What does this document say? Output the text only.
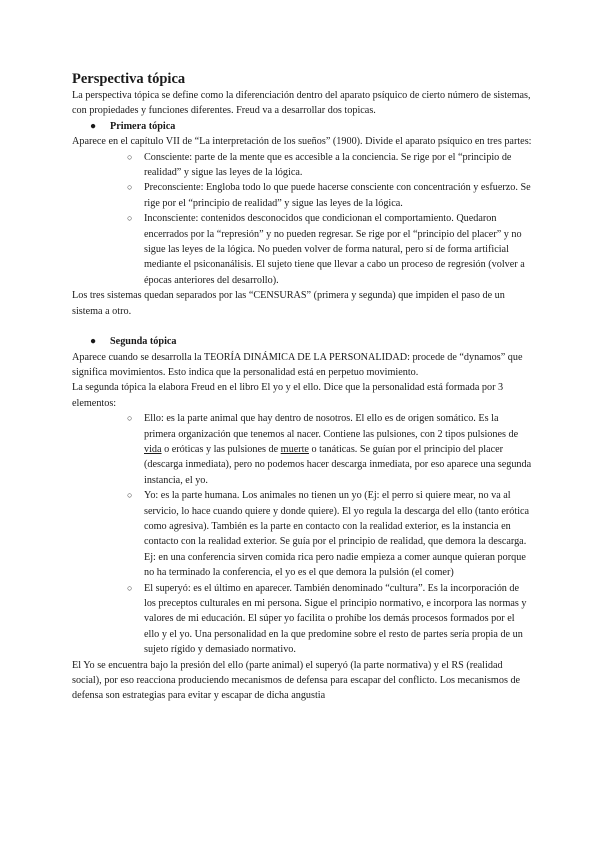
Perspectiva tópica

La perspectiva tópica se define como la diferenciación dentro del aparato psíquico de cierto número de sistemas, con propiedades y funciones diferentes. Freud va a desarrollar dos topicas.

● Primera tópica

Aparece en el capítulo VII de “La interpretación de los sueños” (1900). Divide el aparato psíquico en tres partes:

○ Consciente: parte de la mente que es accesible a la conciencia. Se rige por el “principio de realidad” y sigue las leyes de la lógica.
○ Preconsciente: Engloba todo lo que puede hacerse consciente con concentración y esfuerzo. Se rige por el “principio de realidad” y sigue las leyes de la lógica.
○ Inconsciente: contenidos desconocidos que condicionan el comportamiento. Quedaron encerrados por la “represión” y no pueden regresar. Se rige por el “principio del placer” y no sigue las leyes de la lógica. No pueden volver de forma natural, pero sí de forma artificial mediante el psiconanálisis. El sujeto tiene que llevar a cabo un proceso de regresión (volver a épocas anteriores del desarrollo).

Los tres sistemas quedan separados por las “CENSURAS” (primera y segunda) que impiden el paso de un sistema a otro.

● Segunda tópica

Aparece cuando se desarrolla la TEORÍA DINÁMICA DE LA PERSONALIDAD: procede de “dynamos” que significa movimientos. Esto indica que la personalidad está en perpetuo movimiento.

La segunda tópica la elabora Freud en el libro El yo y el ello. Dice que la personalidad está formada por 3 elementos:

○ Ello: es la parte animal que hay dentro de nosotros. El ello es de origen somático. Es la
primera organización que tenemos al nacer. Contiene las pulsiones, con 2 tipos pulsiones de vida o eróticas y las pulsiones de muerte o tanáticas. Se guían por el principio del placer (descarga inmediata), pero no podemos hacer descarga inmediata, por eso aparece una segunda instancia, el yo.
○ Yo: es la parte humana. Los animales no tienen un yo (Ej: el perro si quiere mear, no va al servicio, lo hace cuando quiere y donde quiere). El yo regula la descarga del ello (tanto erótica como agresiva). También es la parte en contacto con la realidad exterior, es la instancia en contacto con la realidad exterior. Se guía por el principio de realidad, que demora la descarga. Ej: en una conferencia sirven comida rica pero nadie empieza a comer aunque quieran porque no ha terminado la conferencia, el yo es el que demora la pulsión (el comer)
○ El superyó: es el último en aparecer. También denominado “cultura”. Es la incorporación de los preceptos culturales en mi persona. Sigue el principio normativo, e incorpora las normas y valores de mi educación. El súper yo facilita o prohíbe los demás procesos formados por el ello y el yo. Una personalidad en la que predomine sobre el resto de partes sería propia de un sujeto rígido y demasiado normativo.

El Yo se encuentra bajo la presión del ello (parte animal) el superyó (la parte normativa) y el RS (realidad social), por eso reacciona produciendo mecanismos de defensa para escapar del conflicto. Los mecanismos de defensa son estrategias para evitar y escapar de dicha angustia
